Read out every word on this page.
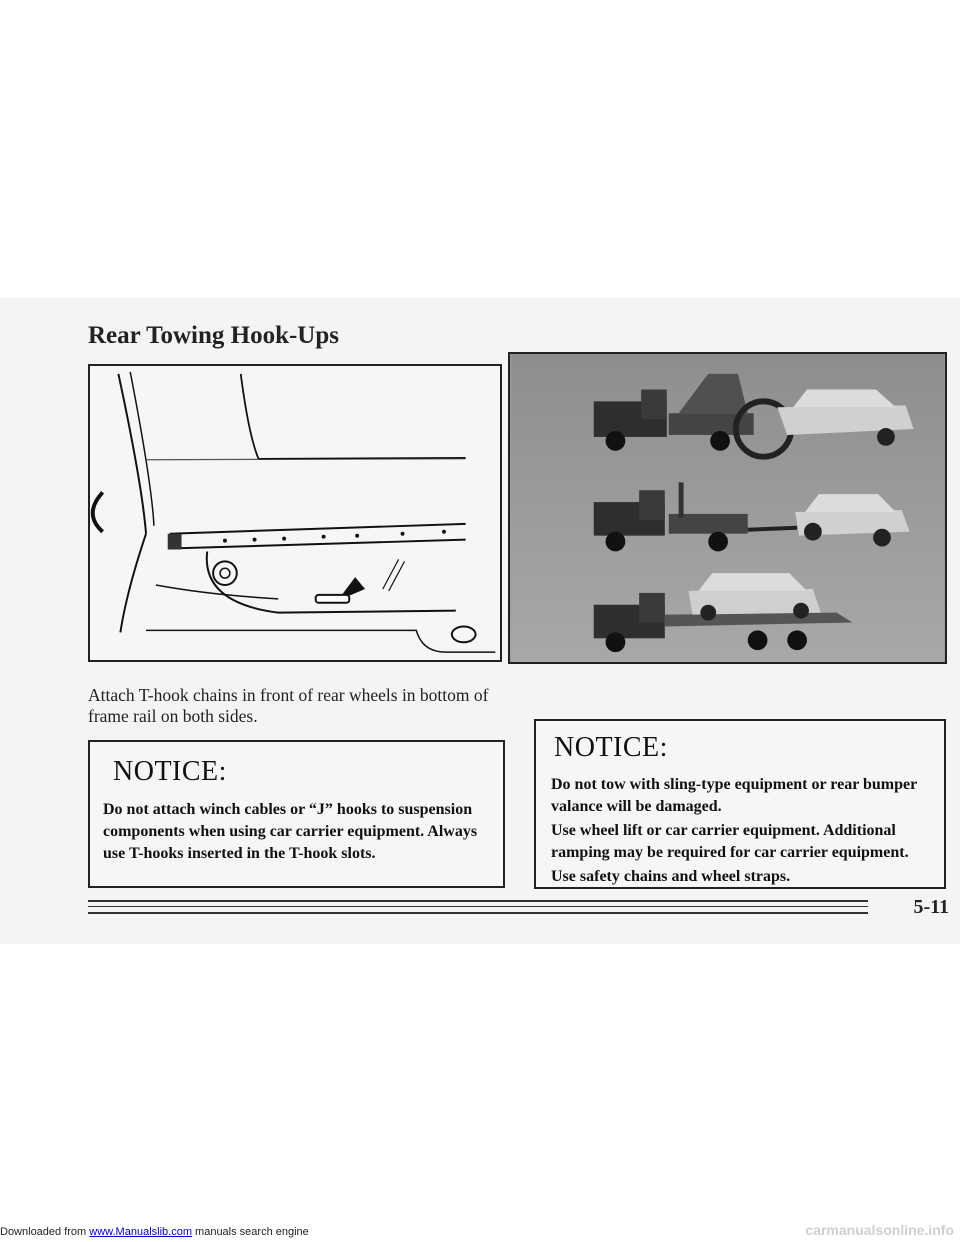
Rear Towing Hook-Ups

Attach T-hook chains in front of rear wheels in bottom of frame rail on both sides.

NOTICE:

Do not attach winch cables or “J” hooks to suspension components when using car carrier equipment. Always use T-hooks inserted in the T-hook slots.

NOTICE:

Do not tow with sling-type equipment or rear bumper valance will be damaged.

Use wheel lift or car carrier equipment. Additional ramping may be required for car carrier equipment.

Use safety chains and wheel straps.

5-11
Downloaded from www.Manualslib.com manuals search engine	carmanualsonline.info
